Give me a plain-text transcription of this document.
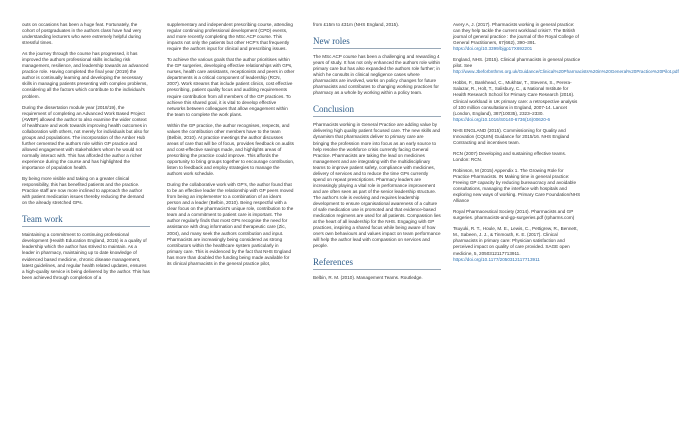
outs on occasions has been a huge feat. Fortunately, the cohort of postgraduates in the authors class have had very understanding lecturers who were extremely helpful during stressful times.

As the journey through the course has progressed, it has improved the authors professional skills including risk management, resilience, and leadership towards an advanced practice role. Having completed the final year (2019) the author is continually learning and developing the necessary skills in managing patients presenting with complex problems, considering all the factors which contribute to the individual's problem.

During the dissertation module year (2018/19), the requirement of completing an Advanced Work Based Project (AWBP) allowed the author to also examine the wider context of healthcare and work towards improving health outcomes in collaboration with others, not merely for individuals but also for groups and populations. The incorporation of the Amber Hub further cemented the authors role within GP practice and allowed engagement with stakeholders whom he would not normally interact with. This has afforded the author a richer experience during the course and has highlighted the importance of population health.

By being more visible and taking on a greater clinical responsibility, this has benefited patients and the practice. Practice staff are now more inclined to approach the author with patient medication issues thereby reducing the demand on the already stretched GPs.

Team work

Maintaining a commitment to continuing professional development (Health Education England, 2015) is a quality of leadership which the author has strived to maintain. As a leader in pharmacy, maintaining up to date knowledge of evidenced based medicine, chronic disease management, latest guidelines, and regular health related updates, ensures a high-quality service is being delivered by the author. This has been achieved through completion of a

supplementary and independent prescribing course, attending regular continuing professional development (CPD) events, and more recently completing the MSc ACP course. This impacts not only the patients but other HCP's that frequently require the authors input for clinical and prescribing issues.

To achieve the various goals that the author prioritises within the GP surgeries, developing effective relationships with GPs, nurses, health care assistants, receptionists and peers in other departments is a critical component of leadership (RCN, 2007). Work streams that include patient clinics, cost effective prescribing, patient quality focus and auditing requirements require contribution from all members of the GP practices. To achieve this shared goal, it is vital to develop effective networks between colleagues that allow engagement within the team to complete the work plans.

Within the GP practice, the author recognises, respects, and values the contribution other members have to the team (Belbin, 2010). At practice meetings the author discusses areas of care that will be of focus, provides feedback on audits and cost-effective savings made, and highlights areas of prescribing the practice could improve. This affords the opportunity to bring groups together to encourage contribution, listen to feedback and employ strategies to manage the authors work schedule.

During the collaborative work with GP's, the author found that to be an effective leader the relationship with GP peers moved from being an implementer to a combination of an idea's person and a leader (Belbin, 2010). Being respectful with a clear focus on the pharmacist's unique role, contribution to the team and a commitment to patient care is important. The author regularly finds that most GPs recognise the need for assistance with drug information and therapeutic care (Zic, 2004), and many seek the authors contribution and input. Pharmacists are increasingly being considered as strong contributors within the healthcare system particularly in primary care. This is evidenced by the fact that NHS England has more than doubled the funding being made available for its clinical pharmacists in the general practice pilot,

from £15m to £31m (NHS England, 2015).

New roles

The MSc ACP course has been a challenging and rewarding 4 years of study. It has not only enhanced the authors role within primary care but has also expanded the authors role further; in which he consults in clinical negligence cases where pharmacists are involved, works on policy changes for future pharmacists and contributes to changing working practices for pharmacy as a whole by working within a policy team.

Conclusion

Pharmacists working in General Practice are adding value by delivering high quality patient focused care. The new skills and dynamism that pharmacists deliver to primary care are bringing the profession more into focus as an early source to help resolve the workforce crisis currently facing General Practice. Pharmacists are taking the lead on medicines management and are integrating with the multidisciplinary teams to improve patient safety, compliance with medicines, delivery of services and to reduce the time GPs currently spend on repeat prescriptions. Pharmacy leaders are increasingly playing a vital role in performance improvement and are often seen as part of the senior leadership structure. The author's role is evolving and requires leadership development to ensure organisational awareness of a culture of safe medication use is promoted and that evidence-based medication regimens are used for all patients. Compassion lies at the heart of all leadership for the NHS. Engaging with GP practices, inspiring a shared focus while being aware of how one's own behaviours and values impact on team performance will help the author lead with compassion on services and people.

References

Belbin, R. M. (2010). Management Teams. Routledge.

Avery A, J. (2017). Pharmacists working in general practice: can they help tackle the current workload crisis?. The British journal of general practice : the journal of the Royal College of General Practitioners, 67(662), 390–391. https://doi.org/10.3399/bjgp17X692201

England, NHS. (2015). Clinical pharmacists in general practice pilot. See http://www.Jbeforbnthms.org.uk/Guidance/Clinical%20Pharmacists%20in%20General%20Practice%20Pilot.pdf

Hobbs, F., Bankhead, C., Mukhtar, T., Stevens, S., Perera-Salazar, R., Holt, T., Salisbury, C., & National Institute for Health Research School for Primary Care Research (2016). Clinical workload in UK primary care: a retrospective analysis of 100 million consultations in England, 2007-14. Lancet (London, England), 387(10035), 2323–2330. https://doi.org/10.1016/S0140-6736(16)00620-6

NHS ENGLAND (2015). Commissioning for Quality and Innovation (CQUIN) Guidance for 2015/16. NHS England Contracting and incentives team.

RCN (2007) Developing and sustaining effective teams. London: RCN.

Robinson, M (2015) Appendix 1. The Growing Role for Practice Pharmacists. IN Making time in general practice: Freeing GP capacity by reducing bureaucracy and avoidable consultations, managing the interface with hospitals and exploring new ways of working. Primary Care Foundation/NHS Alliance

Royal Pharmaceutical Society (2014). Pharmacists and GP surgeries. pharmacists-and-gp-surgeries.pdf (rpharms.com)

Tsuyuki, R. T., Houle, M. E., Lewis, C., Pettigrew, R., Bennett, M., Sabeen, J. J., & Tinmouth, K. E. (2017). Clinical pharmacists in primary care: Physician satisfaction and perceived impact on quality of care provided. SAGE open medicine, 5, 2050312117713911. https://doi.org/10.1177/2050312117713911
